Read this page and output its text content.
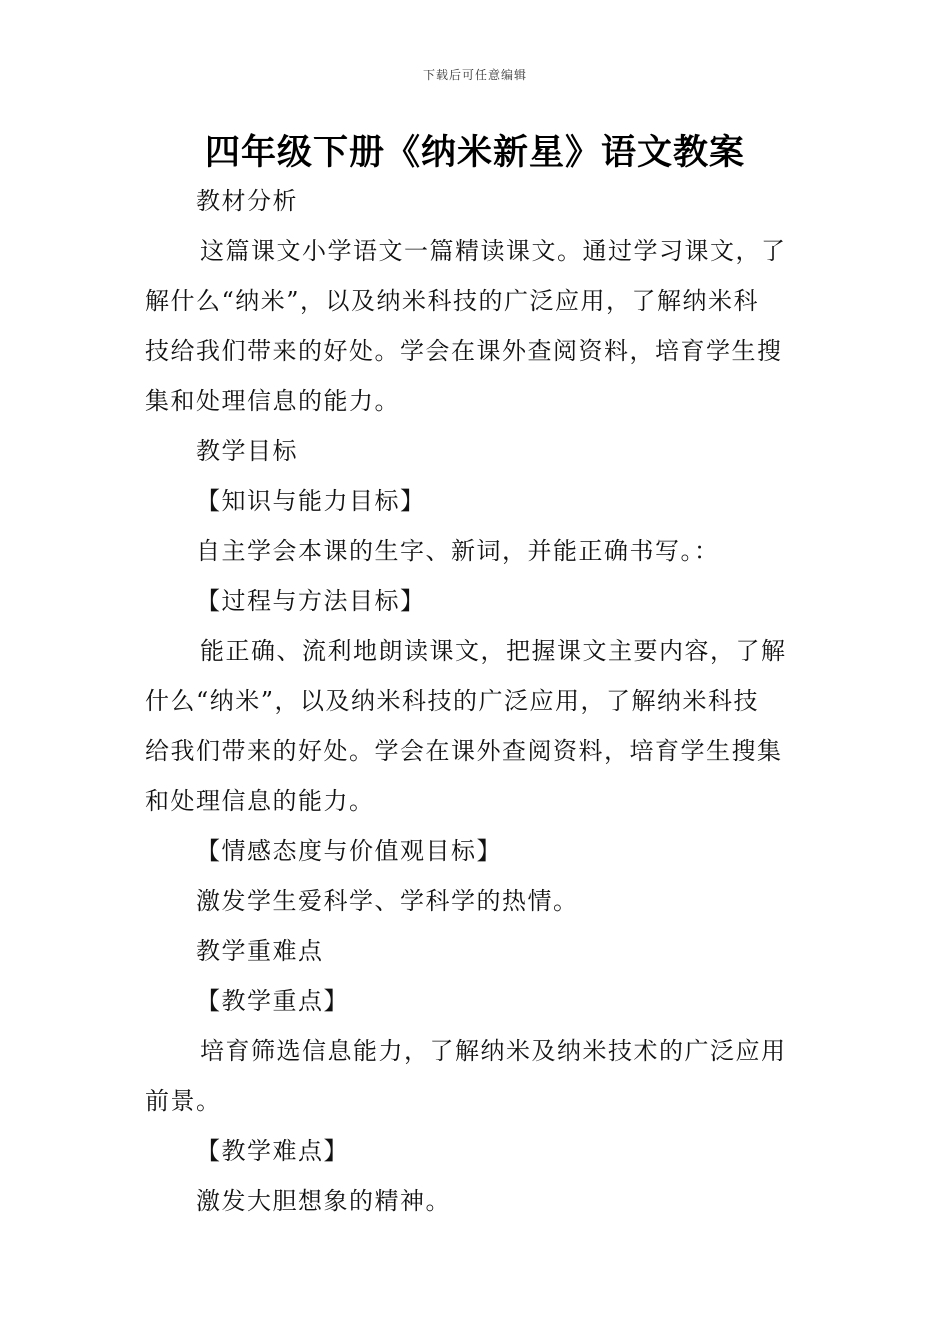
下载后可任意编辑
四年级下册《纳米新星》语文教案
教材分析
这篇课文小学语文一篇精读课文。通过学习课文，了
解什么“纳米”，以及纳米科技的广泛应用，了解纳米科
技给我们带来的好处。学会在课外查阅资料，培育学生搜
集和处理信息的能力。
教学目标
【知识与能力目标】
自主学会本课的生字、新词，并能正确书写。：
【过程与方法目标】
能正确、流利地朗读课文，把握课文主要内容，了解
什么“纳米”，以及纳米科技的广泛应用，了解纳米科技
给我们带来的好处。学会在课外查阅资料，培育学生搜集
和处理信息的能力。
【情感态度与价值观目标】
激发学生爱科学、学科学的热情。
教学重难点
【教学重点】
培育筛选信息能力，了解纳米及纳米技术的广泛应用
前景。
【教学难点】
激发大胆想象的精神。
